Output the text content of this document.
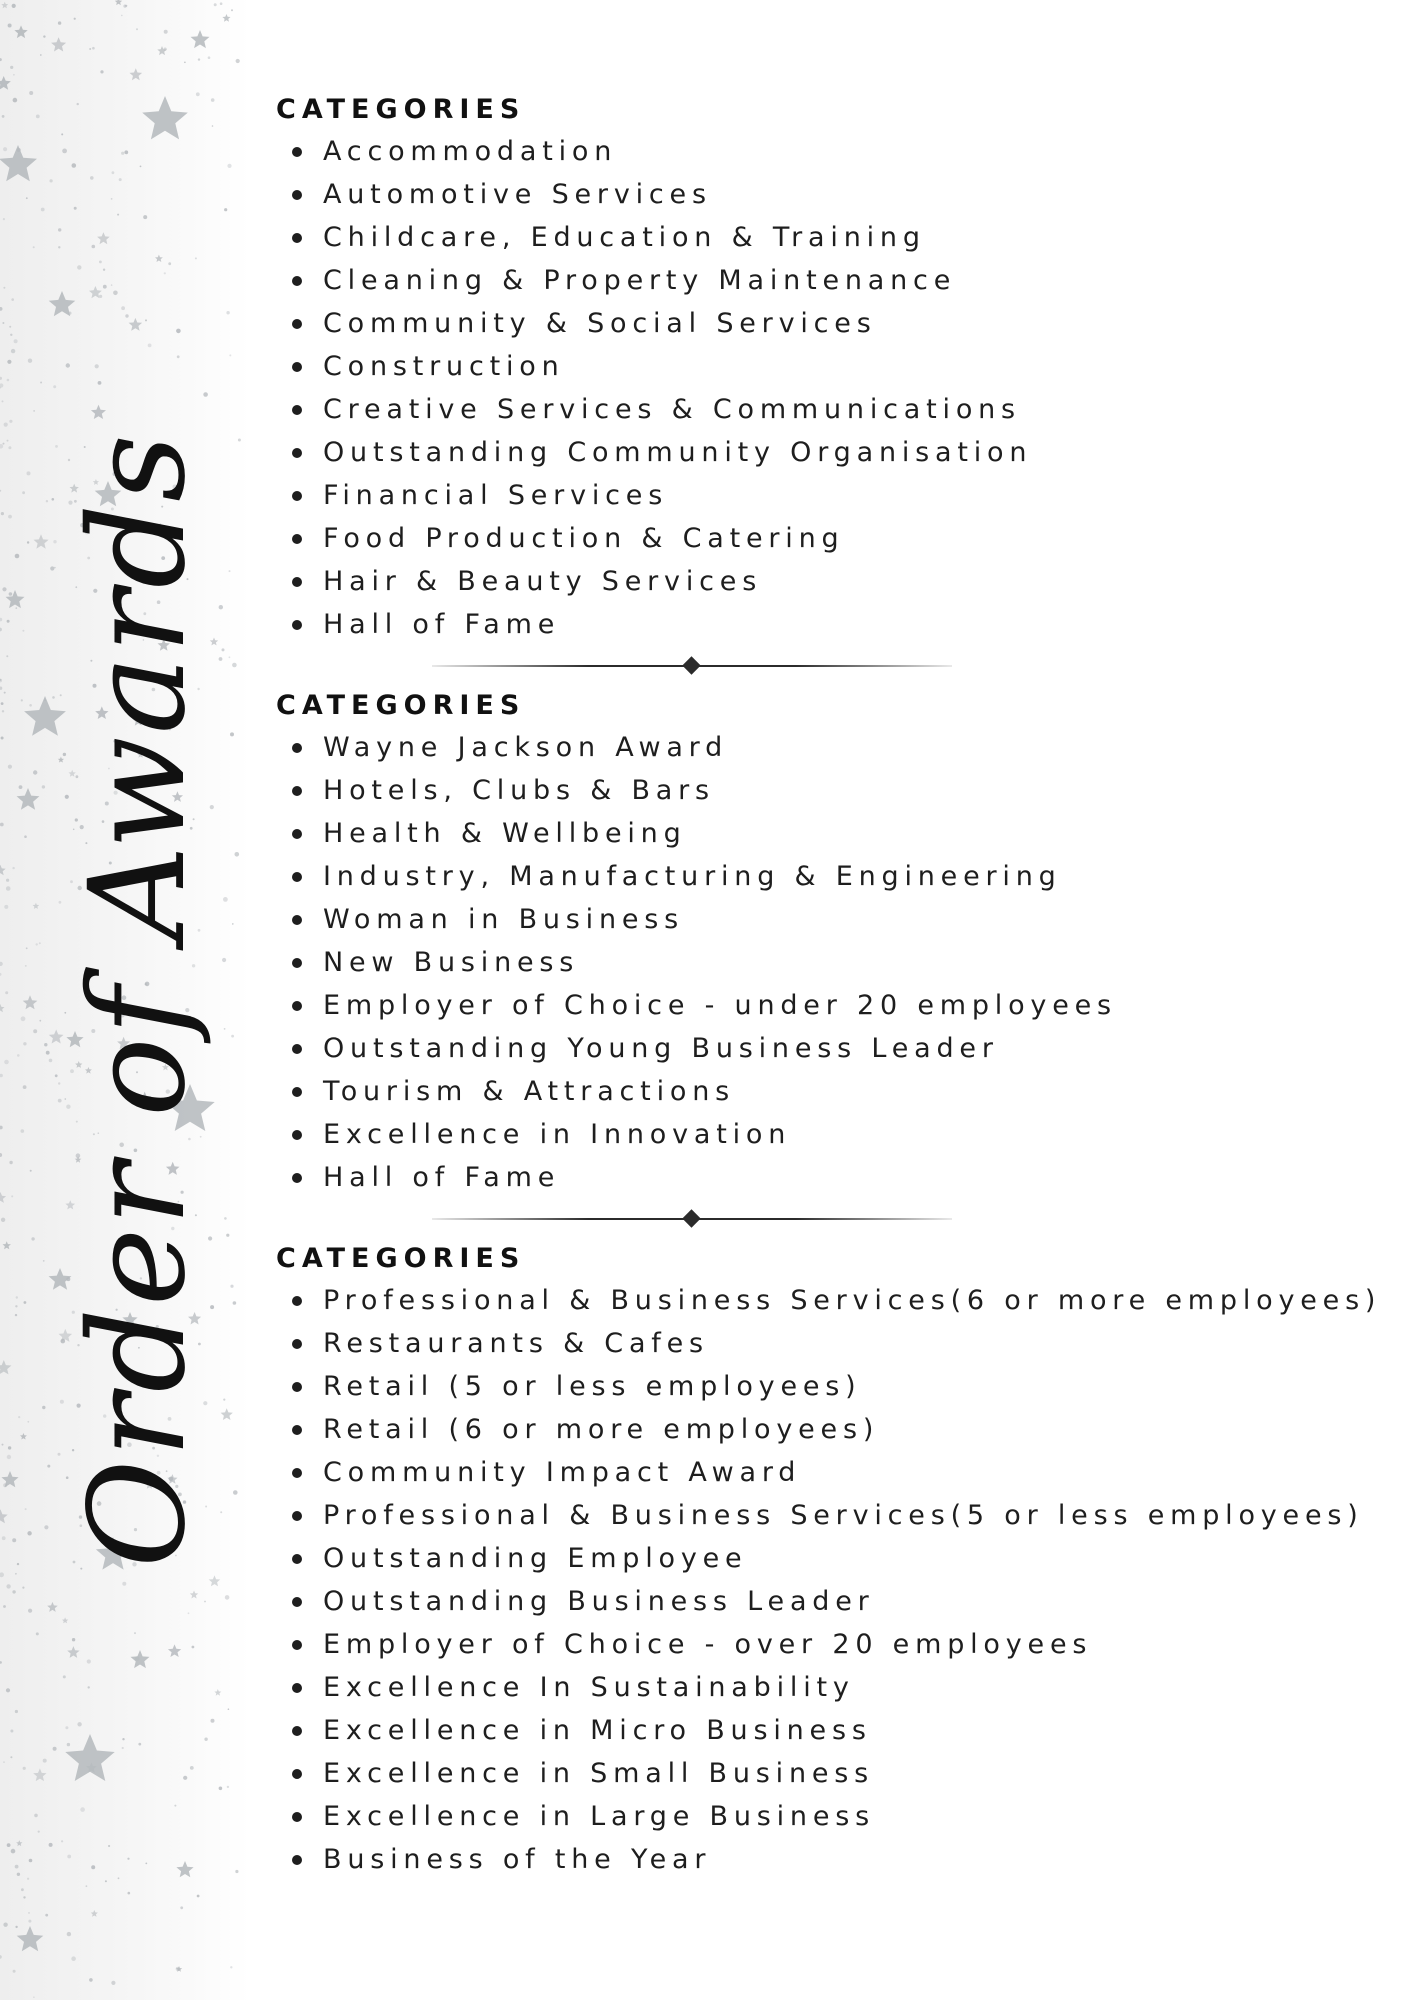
Order of Awards
CATEGORIES
Accommodation
Automotive Services
Childcare, Education & Training
Cleaning & Property Maintenance
Community & Social Services
Construction
Creative Services & Communications
Outstanding Community Organisation
Financial Services
Food Production & Catering
Hair & Beauty Services
Hall of Fame
CATEGORIES
Wayne Jackson Award
Hotels, Clubs & Bars
Health & Wellbeing
Industry, Manufacturing & Engineering
Woman in Business
New Business
Employer of Choice - under 20 employees
Outstanding Young Business Leader
Tourism & Attractions
Excellence in Innovation
Hall of Fame
CATEGORIES
Professional & Business Services(6 or more employees)
Restaurants & Cafes
Retail (5 or less employees)
Retail (6 or more employees)
Community Impact Award
Professional & Business Services(5 or less employees)
Outstanding Employee
Outstanding Business Leader
Employer of Choice - over 20 employees
Excellence In Sustainability
Excellence in Micro Business
Excellence in Small Business
Excellence in Large Business
Business of the Year
